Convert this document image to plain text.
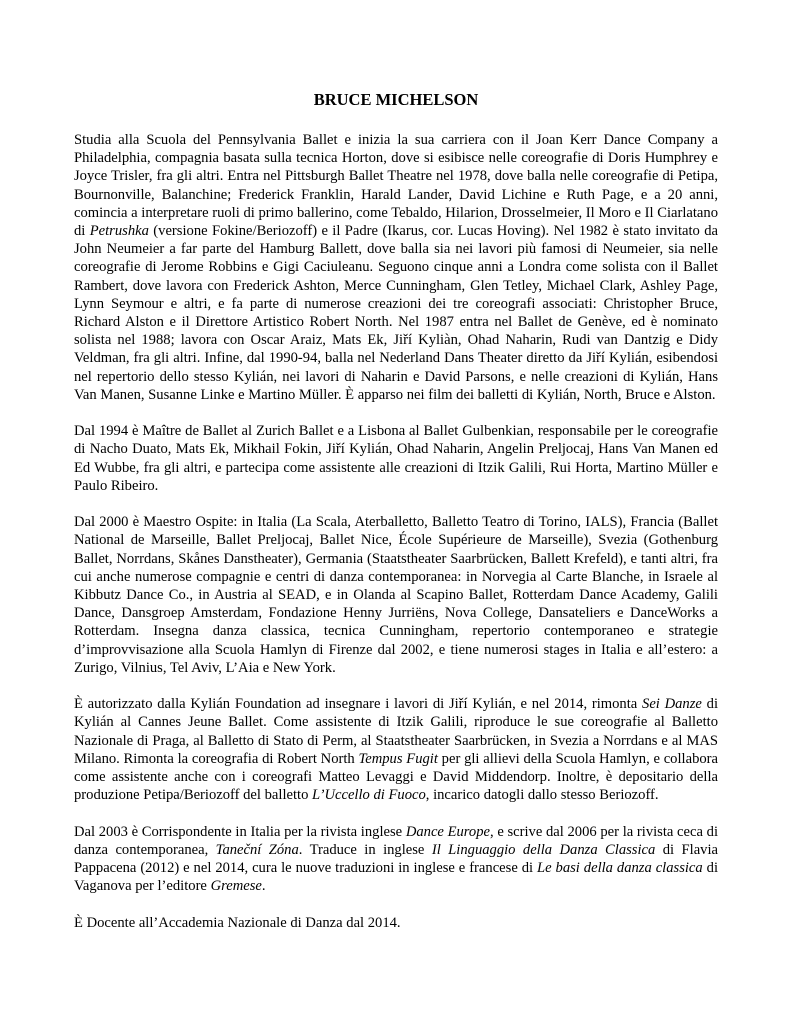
BRUCE MICHELSON

Studia alla Scuola del Pennsylvania Ballet e inizia la sua carriera con il Joan Kerr Dance Company a Philadelphia, compagnia basata sulla tecnica Horton, dove si esibisce nelle coreografie di Doris Humphrey e Joyce Trisler, fra gli altri. Entra nel Pittsburgh Ballet Theatre nel 1978, dove balla nelle coreografie di Petipa, Bournonville, Balanchine; Frederick Franklin, Harald Lander, David Lichine e Ruth Page, e a 20 anni, comincia a interpretare ruoli di primo ballerino, come Tebaldo, Hilarion, Drosselmeier, Il Moro e Il Ciarlatano di Petrushka (versione Fokine/Beriozoff) e il Padre (Ikarus, cor. Lucas Hoving). Nel 1982 è stato invitato da John Neumeier a far parte del Hamburg Ballett, dove balla sia nei lavori più famosi di Neumeier, sia nelle coreografie di Jerome Robbins e Gigi Caciuleanu. Seguono cinque anni a Londra come solista con il Ballet Rambert, dove lavora con Frederick Ashton, Merce Cunningham, Glen Tetley, Michael Clark, Ashley Page, Lynn Seymour e altri, e fa parte di numerose creazioni dei tre coreografi associati: Christopher Bruce, Richard Alston e il Direttore Artistico Robert North. Nel 1987 entra nel Ballet de Genève, ed è nominato solista nel 1988; lavora con Oscar Araiz, Mats Ek, Jiří Kyliàn, Ohad Naharin, Rudi van Dantzig e Didy Veldman, fra gli altri. Infine, dal 1990-94, balla nel Nederland Dans Theater diretto da Jiří Kylián, esibendosi nel repertorio dello stesso Kylián, nei lavori di Naharin e David Parsons, e nelle creazioni di Kylián, Hans Van Manen, Susanne Linke e Martino Müller. È apparso nei film dei balletti di Kylián, North, Bruce e Alston.

Dal 1994 è Maître de Ballet al Zurich Ballet e a Lisbona al Ballet Gulbenkian, responsabile per le coreografie di Nacho Duato, Mats Ek, Mikhail Fokin, Jiří Kylián, Ohad Naharin, Angelin Preljocaj, Hans Van Manen ed Ed Wubbe, fra gli altri, e partecipa come assistente alle creazioni di Itzik Galili, Rui Horta, Martino Müller e Paulo Ribeiro.

Dal 2000 è Maestro Ospite: in Italia (La Scala, Aterballetto, Balletto Teatro di Torino, IALS), Francia (Ballet National de Marseille, Ballet Preljocaj, Ballet Nice, École Supérieure de Marseille), Svezia (Gothenburg Ballet, Norrdans, Skånes Danstheater), Germania (Staatstheater Saarbrücken, Ballett Krefeld), e tanti altri, fra cui anche numerose compagnie e centri di danza contemporanea: in Norvegia al Carte Blanche, in Israele al Kibbutz Dance Co., in Austria al SEAD, e in Olanda al Scapino Ballet, Rotterdam Dance Academy, Galili Dance, Dansgroep Amsterdam, Fondazione Henny Jurriëns, Nova College, Dansateliers e DanceWorks a Rotterdam. Insegna danza classica, tecnica Cunningham, repertorio contemporaneo e strategie d’improvvisazione alla Scuola Hamlyn di Firenze dal 2002, e tiene numerosi stages in Italia e all’estero: a Zurigo, Vilnius, Tel Aviv, L’Aia e New York.

È autorizzato dalla Kylián Foundation ad insegnare i lavori di Jiří Kylián, e nel 2014, rimonta Sei Danze di Kylián al Cannes Jeune Ballet. Come assistente di Itzik Galili, riproduce le sue coreografie al Balletto Nazionale di Praga, al Balletto di Stato di Perm, al Staatstheater Saarbrücken, in Svezia a Norrdans e al MAS Milano. Rimonta la coreografia di Robert North Tempus Fugit per gli allievi della Scuola Hamlyn, e collabora come assistente anche con i coreografi Matteo Levaggi e David Middendorp. Inoltre, è depositario della produzione Petipa/Beriozoff del balletto L’Uccello di Fuoco, incarico datogli dallo stesso Beriozoff.

Dal 2003 è Corrispondente in Italia per la rivista inglese Dance Europe, e scrive dal 2006 per la rivista ceca di danza contemporanea, Taneční Zóna. Traduce in inglese Il Linguaggio della Danza Classica di Flavia Pappacena (2012) e nel 2014, cura le nuove traduzioni in inglese e francese di Le basi della danza classica di Vaganova per l’editore Gremese.

È Docente all’Accademia Nazionale di Danza dal 2014.
